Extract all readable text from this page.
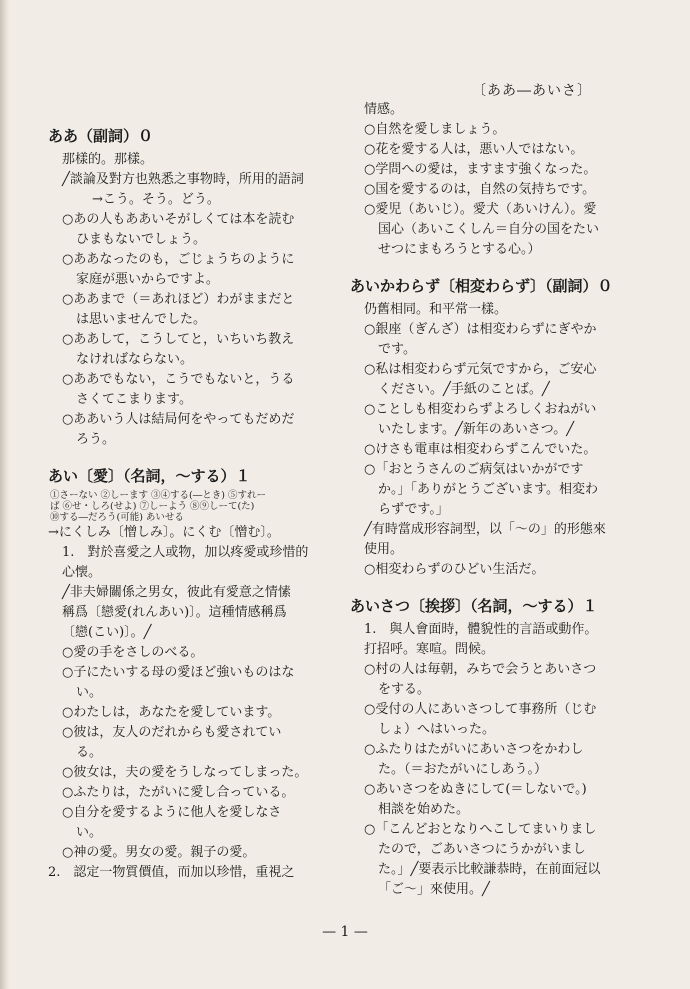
〔ああ―あいさ〕
ああ（副詞）０
那樣的。那樣。
╱談論及對方也熟悉之事物時，所用的語詞
→こう。そう。どう。
○あの人もああいそがしくては本を読む
ひまもないでしょう。
○ああなったのも，ごじょうちのように
家庭が悪いからですよ。
○ああまで（＝あれほど）わがままだと
は思いませんでした。
○ああして，こうしてと，いちいち教え
なければならない。
○ああでもない，こうでもないと，うる
さくてこまります。
○ああいう人は結局何をやってもだめだ
ろう。
あい〔愛〕（名詞，～する）１
①さーない ②しーます ③④する(―とき) ⑤すれー
ば ⑥せ・しろ(せよ) ⑦しーよう ⑧⑨しーて(た)
⑩する―だろう(可能) あいせる
→にくしみ〔憎しみ〕。にくむ〔憎む〕。
1.　對於喜愛之人或物，加以疼愛或珍惜的
心懐。
╱非夫婦關係之男女，彼此有愛意之情愫
稱爲〔戀愛(れんあい)〕。這種情感稱爲
〔戀(こい)〕。╱
○愛の手をさしのべる。
○子にたいする母の愛ほど強いものはな
い。
○わたしは，あなたを愛しています。
○彼は，友人のだれからも愛されてい
る。
○彼女は，夫の愛をうしなってしまった。
○ふたりは，たがいに愛し合っている。
○自分を愛するように他人を愛しなさ
い。
○神の愛。男女の愛。親子の愛。
2.　認定一物質價值，而加以珍惜，重視之
情感。
○自然を愛しましょう。
○花を愛する人は，悪い人ではない。
○学問への愛は，ますます強くなった。
○国を愛するのは，自然の気持ちです。
○愛児（あいじ）。愛犬（あいけん）。愛
国心（あいこくしん＝自分の国をたい
せつにまもろうとする心。）
あいかわらず〔相変わらず〕（副詞）０
仍舊相同。和平常一樣。
○銀座（ぎんざ）は相変わらずにぎやか
です。
○私は相変わらず元気ですから，ご安心
ください。╱手紙のことば。╱
○ことしも相変わらずよろしくおねがい
いたします。╱新年のあいさつ。╱
○けさも電車は相変わらずこんでいた。
○「おとうさんのご病気はいかがです
か。」「ありがとうございます。相変わ
らずです。」
╱有時當成形容詞型，以「～の」的形態來
使用。
○相変わらずのひどい生活だ。
あいさつ〔挨拶〕（名詞，～する）１
1.　與人會面時，體貌性的言語或動作。
打招呼。寒喧。問候。
○村の人は毎朝，みちで会うとあいさつ
をする。
○受付の人にあいさつして事務所（じむ
しょ）へはいった。
○ふたりはたがいにあいさつをかわし
た。（＝おたがいにしあう。）
○あいさつをぬきにして(＝しないで。)
相談を始めた。
○「こんどおとなりへこしてまいりまし
たので，ごあいさつにうかがいまし
た。」╱要表示比較謙恭時，在前面冠以
「ご～」來使用。╱
— 1 —
